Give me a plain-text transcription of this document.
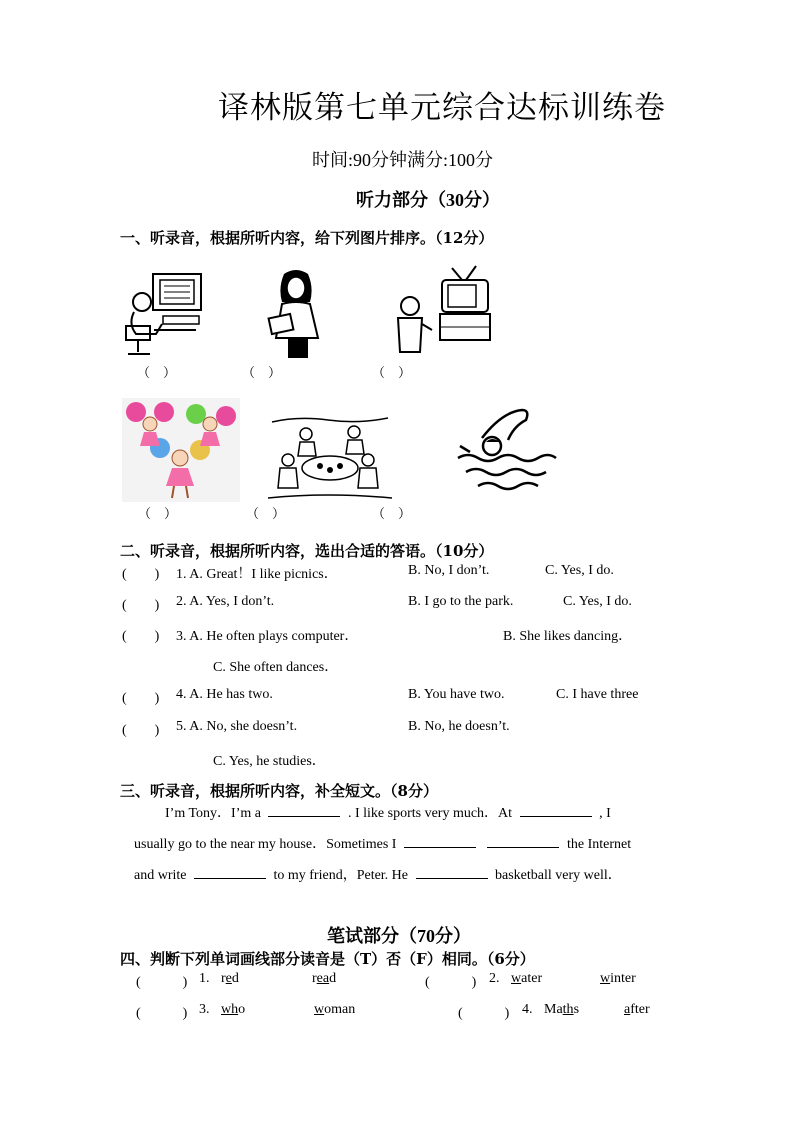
译林版第七单元综合达标训练卷
时间:90分钟满分:100分
听力部分（30分）
一、听录音，根据所听内容，给下列图片排序。（12分）
（　）	（　）	（　）
（　）	（　）	（　）
二、听录音，根据所听内容，选出合适的答语。（10分）
(　　) 1. A. Great！I like picnics．	B. No, I don’t.	C. Yes, I do.
(　　) 2. A. Yes, I don’t.	B. I go to the park.	C. Yes, I do.
(　　) 3. A. He often plays computer．	B. She likes dancing．
C. She often dances．
(　　) 4. A. He has two.	B. You have two.	C. I have three
(　　) 5. A. No, she doesn’t.	B. No, he doesn’t.
C. Yes, he studies．
三、听录音，根据所听内容，补全短文。（8分）
I’m Tony．I’m a	. I like sports very much．At	, I
usually go to the near my house．Sometimes I	the Internet
and write	to my friend，Peter. He	basketball very well．
笔试部分（70分）
四、判断下列单词画线部分读音是（T）否（F）相同。（6分）
(　　　) 1. red	read	(　　　) 2. water	winter
(　　　) 3. who	woman	(　　　) 4. Maths	after
